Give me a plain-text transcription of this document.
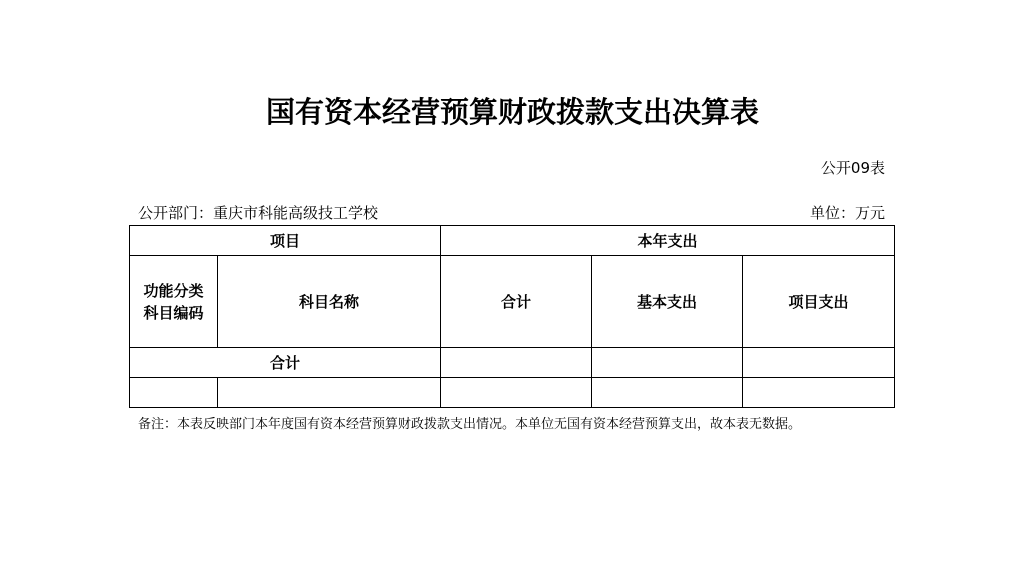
国有资本经营预算财政拨款支出决算表
公开09表
公开部门：重庆市科能高级技工学校	单位：万元
项目		本年支出		
功能分类科目编码	科目名称	合计	基本支出	项目支出
合计				

备注：本表反映部门本年度国有资本经营预算财政拨款支出情况。本单位无国有资本经营预算支出，故本表无数据。
